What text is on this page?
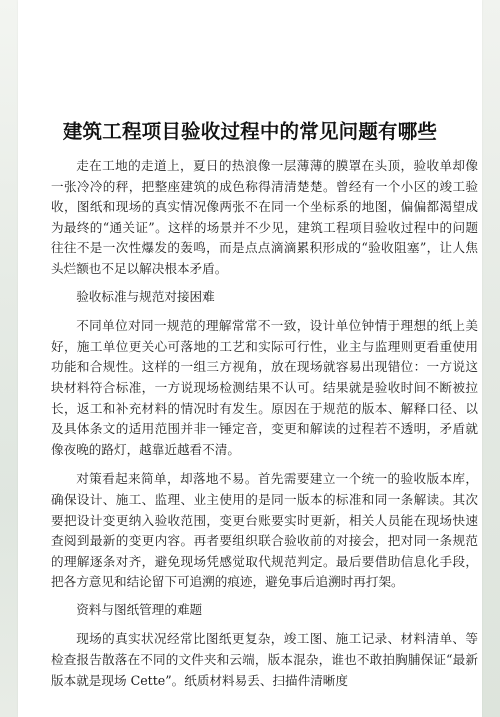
建筑工程项目验收过程中的常见问题有哪些

走在工地的走道上，夏日的热浪像一层薄薄的膜罩在头顶，验收单却像一张冷冷的秤，把整座建筑的成色称得清清楚楚。曾经有一个小区的竣工验收，图纸和现场的真实情况像两张不在同一个坐标系的地图，偏偏都渴望成为最终的“通关证”。这样的场景并不少见，建筑工程项目验收过程中的问题往往不是一次性爆发的轰鸣，而是点点滴滴累积形成的“验收阻塞”，让人焦头烂额也不足以解决根本矛盾。

验收标准与规范对接困难

不同单位对同一规范的理解常常不一致，设计单位钟情于理想的纸上美好，施工单位更关心可落地的工艺和实际可行性，业主与监理则更看重使用功能和合规性。这样的一组三方视角，放在现场就容易出现错位：一方说这块材料符合标准，一方说现场检测结果不认可。结果就是验收时间不断被拉长，返工和补充材料的情况时有发生。原因在于规范的版本、解释口径、以及具体条文的适用范围并非一锤定音，变更和解读的过程若不透明，矛盾就像夜晚的路灯，越靠近越看不清。

对策看起来简单，却落地不易。首先需要建立一个统一的验收版本库，确保设计、施工、监理、业主使用的是同一版本的标准和同一条解读。其次要把设计变更纳入验收范围，变更台账要实时更新，相关人员能在现场快速查阅到最新的变更内容。再者要组织联合验收前的对接会，把对同一条规范的理解逐条对齐，避免现场凭感觉取代规范判定。最后要借助信息化手段，把各方意见和结论留下可追溯的痕迹，避免事后追溯时再打架。

资料与图纸管理的难题

现场的真实状况经常比图纸更复杂，竣工图、施工记录、材料清单、等检查报告散落在不同的文件夹和云端，版本混杂，谁也不敢拍胸脯保证“最新版本就是现场 Cette”。纸质材料易丢、扫描件清晰度
